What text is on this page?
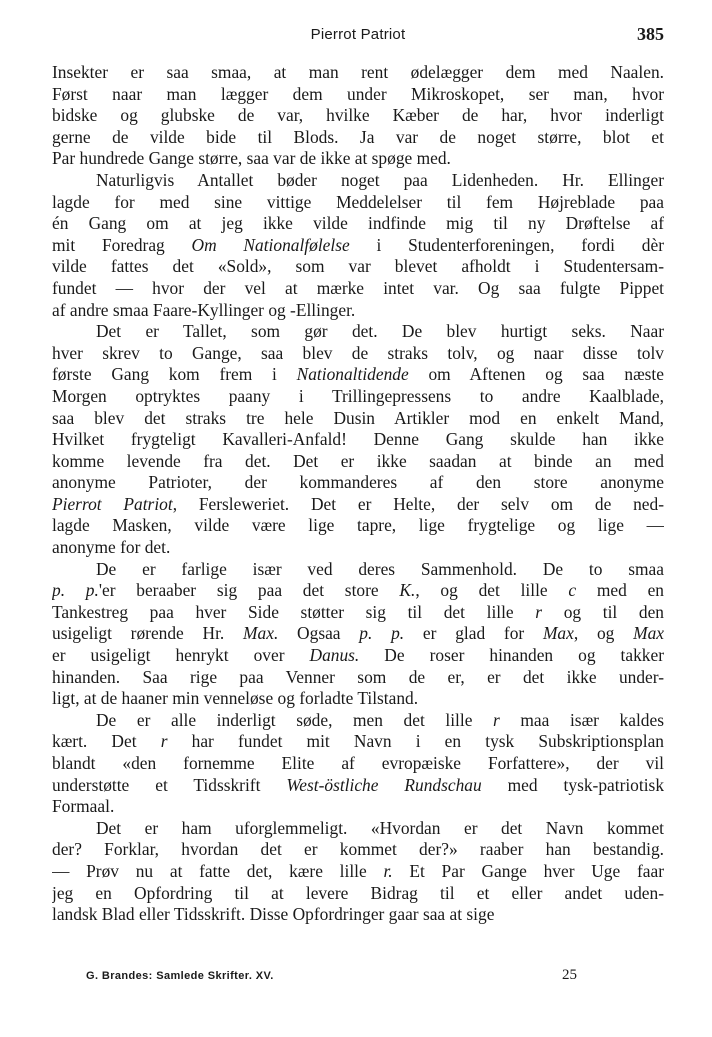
Pierrot Patriot	385
Insekter er saa smaa, at man rent ødelægger dem med Naalen.
Først naar man lægger dem under Mikroskopet, ser man, hvor
bidske og glubske de var, hvilke Kæber de har, hvor inderligt
gerne de vilde bide til Blods. Ja var de noget større, blot et
Par hundrede Gange større, saa var de ikke at spøge med.
Naturligvis Antallet bøder noget paa Lidenheden. Hr. Ellinger
lagde for med sine vittige Meddelelser til fem Højreblade paa
én Gang om at jeg ikke vilde indfinde mig til ny Drøftelse af
mit Foredrag Om Nationalfølelse i Studenterforeningen, fordi dèr
vilde fattes det «Sold», som var blevet afholdt i Studentersam-
fundet — hvor der vel at mærke intet var. Og saa fulgte Pippet
af andre smaa Faare-Kyllinger og -Ellinger.
Det er Tallet, som gør det. De blev hurtigt seks. Naar
hver skrev to Gange, saa blev de straks tolv, og naar disse tolv
første Gang kom frem i Nationaltidende om Aftenen og saa næste
Morgen optryktes paany i Trillingepressens to andre Kaalblade,
saa blev det straks tre hele Dusin Artikler mod en enkelt Mand,
Hvilket frygteligt Kavalleri-Anfald! Denne Gang skulde han ikke
komme levende fra det. Det er ikke saadan at binde an med
anonyme Patrioter, der kommanderes af den store anonyme
Pierrot Patriot, Fersleweriet. Det er Helte, der selv om de ned-
lagde Masken, vilde være lige tapre, lige frygtelige og lige —
anonyme for det.
De er farlige især ved deres Sammenhold. De to smaa
p. p.'er beraaber sig paa det store K., og det lille c med en
Tankestreg paa hver Side støtter sig til det lille r og til den
usigeligt rørende Hr. Max. Ogsaa p. p. er glad for Max, og Max
er usigeligt henrykt over Danus. De roser hinanden og takker
hinanden. Saa rige paa Venner som de er, er det ikke under-
ligt, at de haaner min venneløse og forladte Tilstand.
De er alle inderligt søde, men det lille r maa især kaldes
kært. Det r har fundet mit Navn i en tysk Subskriptionsplan
blandt «den fornemme Elite af evropæiske Forfattere», der vil
understøtte et Tidsskrift West-östliche Rundschau med tysk-patriotisk
Formaal.
Det er ham uforglemmeligt. «Hvordan er det Navn kommet
der? Forklar, hvordan det er kommet der?» raaber han bestandig.
— Prøv nu at fatte det, kære lille r. Et Par Gange hver Uge faar
jeg en Opfordring til at levere Bidrag til et eller andet uden-
landsk Blad eller Tidsskrift. Disse Opfordringer gaar saa at sige
G. Brandes: Samlede Skrifter. XV.	25
